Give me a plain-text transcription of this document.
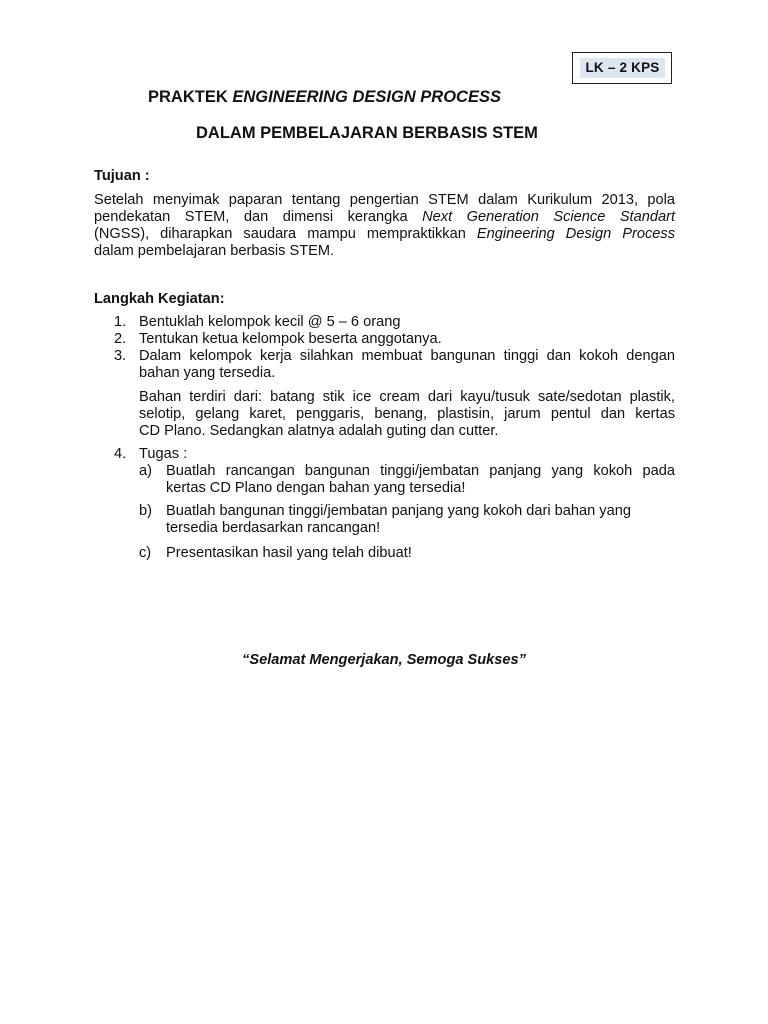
LK – 2 KPS
PRAKTEK ENGINEERING DESIGN PROCESS
DALAM PEMBELAJARAN BERBASIS STEM
Tujuan :
Setelah menyimak paparan tentang pengertian STEM dalam Kurikulum 2013, pola
pendekatan STEM, dan dimensi kerangka Next Generation Science Standart
(NGSS), diharapkan saudara mampu mempraktikkan Engineering Design Process
dalam pembelajaran berbasis STEM.
Langkah Kegiatan:
1. Bentuklah kelompok kecil @ 5 – 6 orang
2. Tentukan ketua kelompok beserta anggotanya.
3. Dalam kelompok kerja silahkan membuat bangunan tinggi dan kokoh dengan
bahan yang tersedia.
Bahan terdiri dari: batang stik ice cream dari kayu/tusuk sate/sedotan plastik,
selotip, gelang karet, penggaris, benang, plastisin, jarum pentul dan kertas
CD Plano. Sedangkan alatnya adalah guting dan cutter.
4. Tugas :
a) Buatlah rancangan bangunan tinggi/jembatan panjang yang kokoh pada
kertas CD Plano dengan bahan yang tersedia!
b) Buatlah bangunan tinggi/jembatan panjang yang kokoh dari bahan yang
tersedia berdasarkan rancangan!
c) Presentasikan hasil yang telah dibuat!
“Selamat Mengerjakan, Semoga Sukses”
